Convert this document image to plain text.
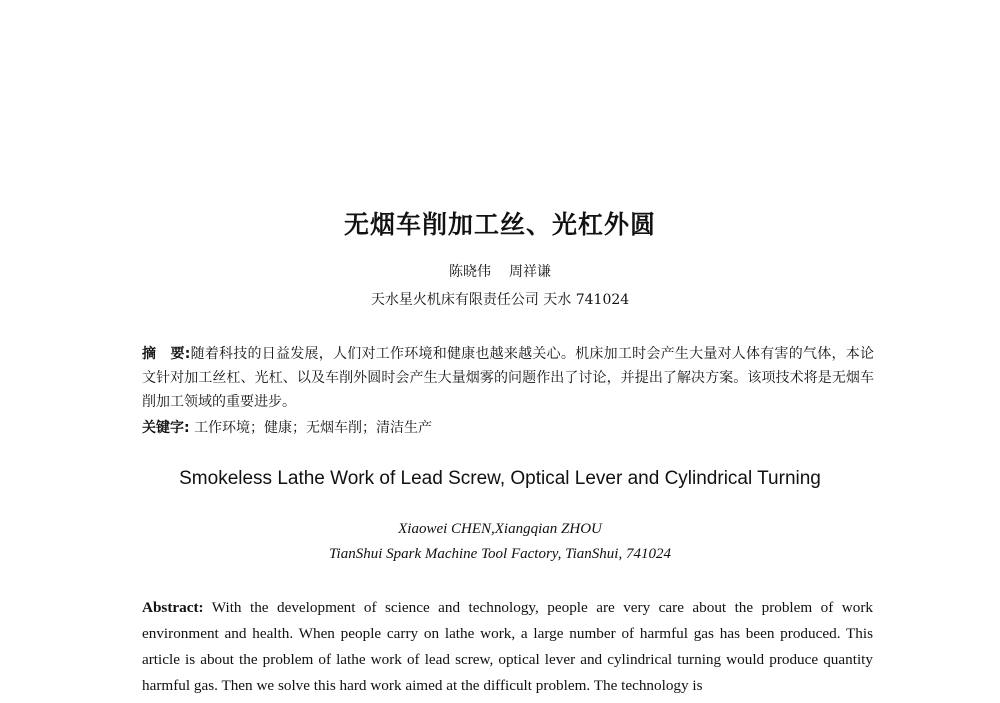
无烟车削加工丝、光杠外圆
陈晓伟 周祥谦
天水星火机床有限责任公司 天水 741024
摘　要:随着科技的日益发展，人们对工作环境和健康也越来越关心。机床加工时会产生大量对人体有害的气体，本论文针对加工丝杠、光杠、以及车削外圆时会产生大量烟雾的问题作出了讨论，并提出了解决方案。该项技术将是无烟车削加工领域的重要进步。
关键字: 工作环境；健康；无烟车削；清洁生产
Smokeless Lathe Work of Lead Screw, Optical Lever and Cylindrical Turning
Xiaowei CHEN,Xiangqian ZHOU
TianShui Spark Machine Tool Factory, TianShui, 741024
Abstract: With the development of science and technology, people are very care about the problem of work environment and health. When people carry on lathe work, a large number of harmful gas has been produced. This article is about the problem of lathe work of lead screw, optical lever and cylindrical turning would produce quantity harmful gas. Then we solve this hard work aimed at the difficult problem. The technology is
